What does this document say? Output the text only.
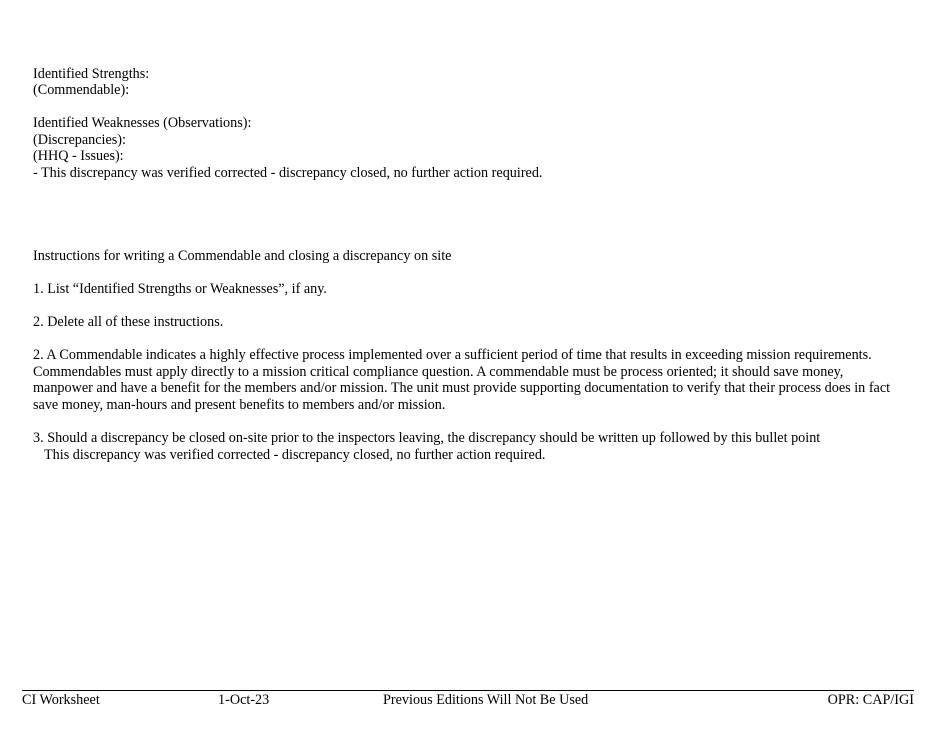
Identified Strengths:
(Commendable):
Identified Weaknesses (Observations):
(Discrepancies):
(HHQ - Issues):
- This discrepancy was verified corrected - discrepancy closed, no further action required.
Instructions for writing a Commendable and closing a discrepancy on site
1. List “Identified Strengths or Weaknesses”, if any.
2. Delete all of these instructions.
2. A Commendable indicates a highly effective process implemented over a sufficient period of time that results in exceeding mission requirements.
Commendables must apply directly to a mission critical compliance question. A commendable must be process oriented; it should save money,
manpower and have a benefit for the members and/or mission. The unit must provide supporting documentation to verify that their process does in fact
save money, man-hours and present benefits to members and/or mission.
3. Should a discrepancy be closed on-site prior to the inspectors leaving, the discrepancy should be written up followed by this bullet point
This discrepancy was verified corrected - discrepancy closed, no further action required.
CI Worksheet	1-Oct-23	Previous Editions Will Not Be Used	OPR: CAP/IGI
